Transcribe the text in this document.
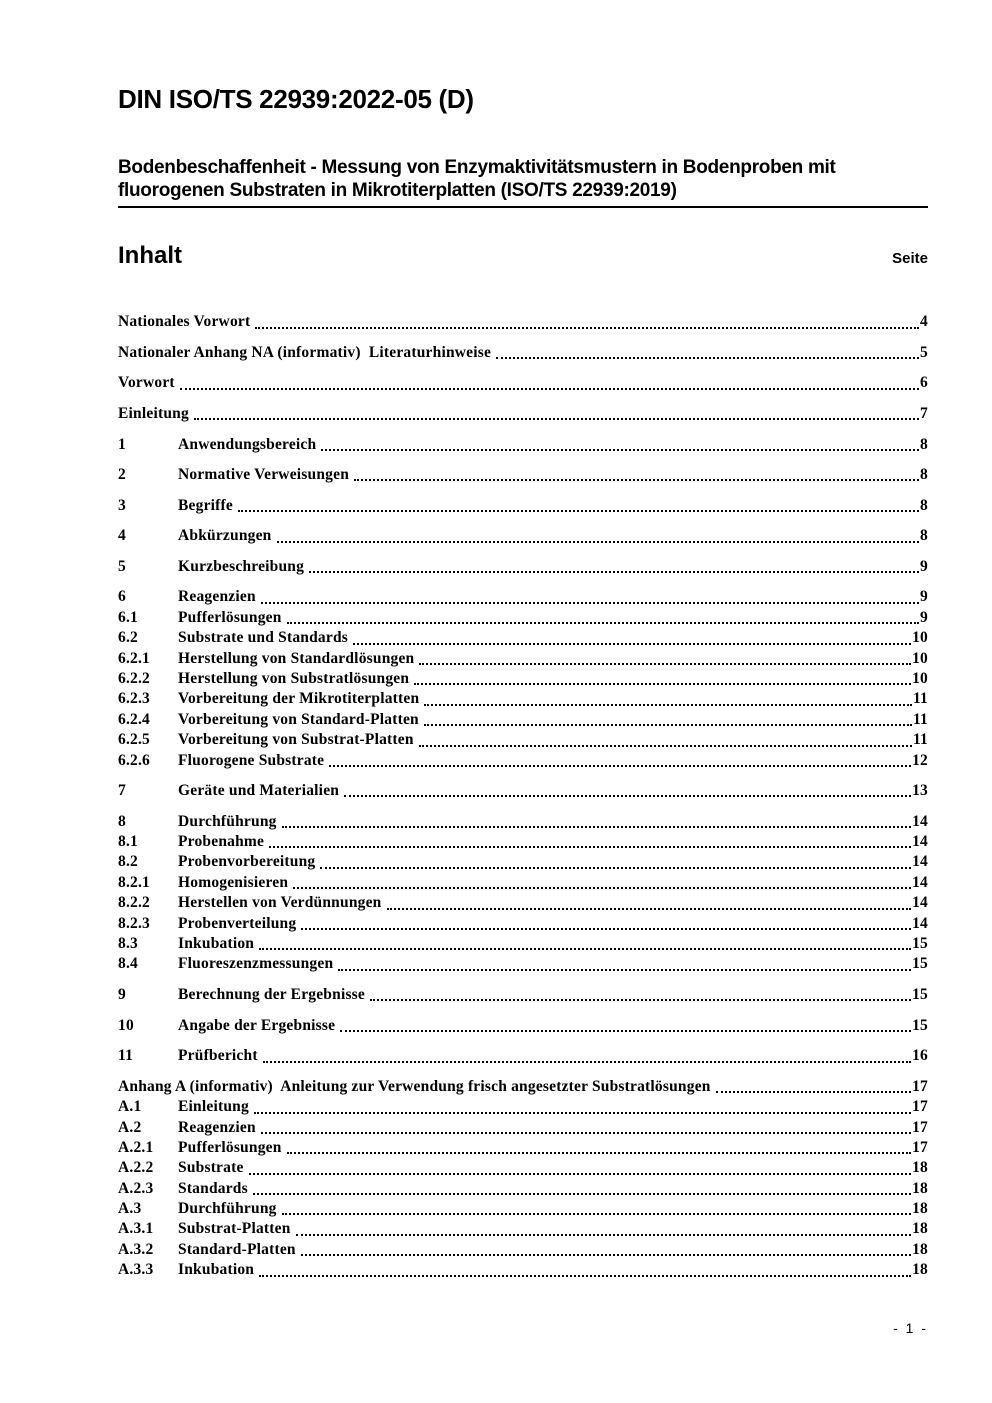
DIN ISO/TS 22939:2022-05 (D)
Bodenbeschaffenheit - Messung von Enzymaktivitätsmustern in Bodenproben mit fluorogenen Substraten in Mikrotiterplatten (ISO/TS 22939:2019)
Inhalt	Seite
Nationales Vorwort	4
Nationaler Anhang NA (informativ)  Literaturhinweise	5
Vorwort	6
Einleitung	7
1	Anwendungsbereich	8
2	Normative Verweisungen	8
3	Begriffe	8
4	Abkürzungen	8
5	Kurzbeschreibung	9
6	Reagenzien	9
6.1	Pufferlösungen	9
6.2	Substrate und Standards	10
6.2.1	Herstellung von Standardlösungen	10
6.2.2	Herstellung von Substratlösungen	10
6.2.3	Vorbereitung der Mikrotiterplatten	11
6.2.4	Vorbereitung von Standard-Platten	11
6.2.5	Vorbereitung von Substrat-Platten	11
6.2.6	Fluorogene Substrate	12
7	Geräte und Materialien	13
8	Durchführung	14
8.1	Probenahme	14
8.2	Probenvorbereitung	14
8.2.1	Homogenisieren	14
8.2.2	Herstellen von Verdünnungen	14
8.2.3	Probenverteilung	14
8.3	Inkubation	15
8.4	Fluoreszenzmessungen	15
9	Berechnung der Ergebnisse	15
10	Angabe der Ergebnisse	15
11	Prüfbericht	16
Anhang A (informativ)  Anleitung zur Verwendung frisch angesetzter Substratlösungen	17
A.1	Einleitung	17
A.2	Reagenzien	17
A.2.1	Pufferlösungen	17
A.2.2	Substrate	18
A.2.3	Standards	18
A.3	Durchführung	18
A.3.1	Substrat-Platten	18
A.3.2	Standard-Platten	18
A.3.3	Inkubation	18
- 1 -
